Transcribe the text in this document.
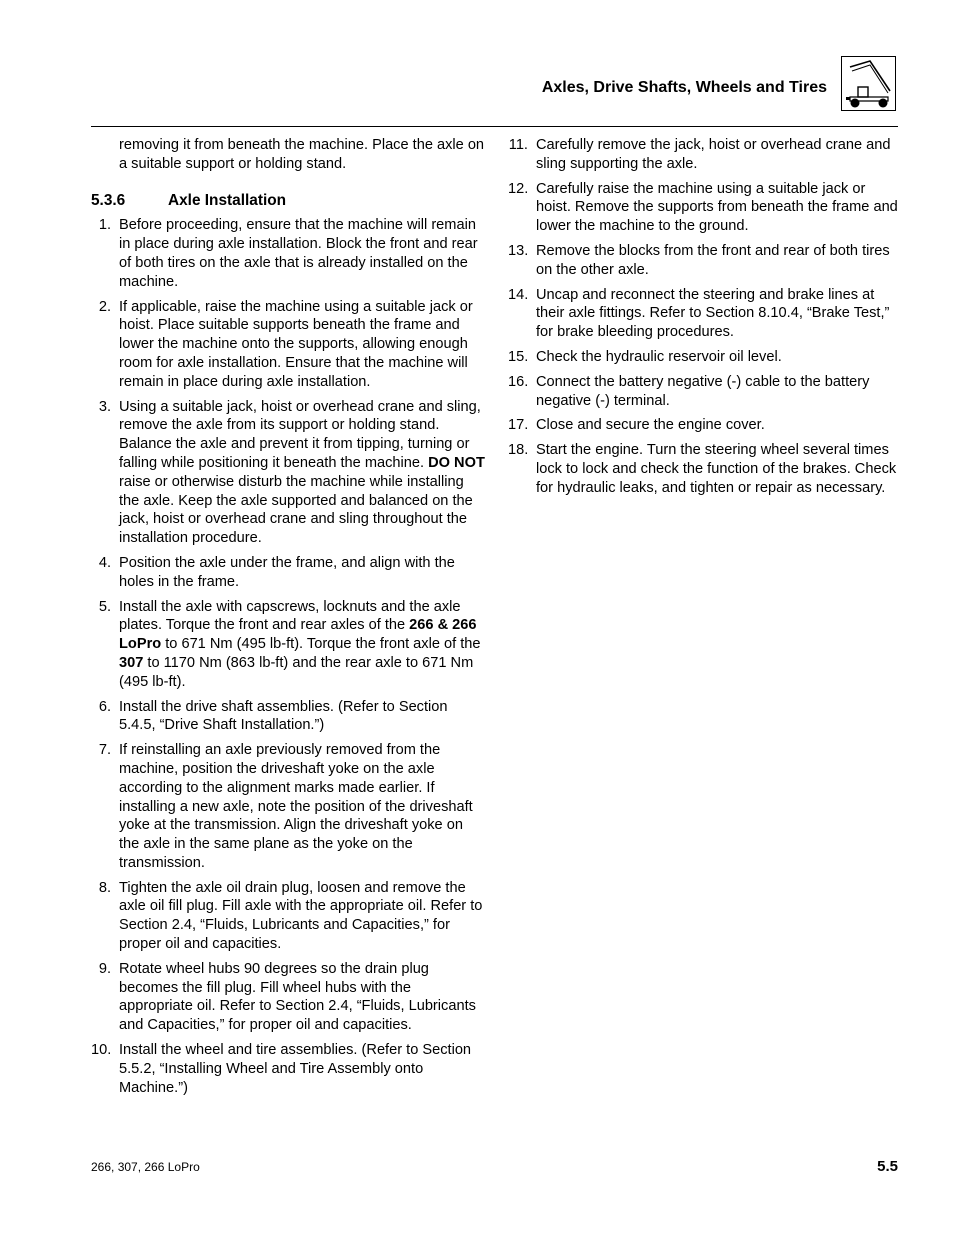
Axles, Drive Shafts, Wheels and Tires

removing it from beneath the machine. Place the axle on a suitable support or holding stand.

5.3.6	Axle Installation
1. Before proceeding, ensure that the machine will remain in place during axle installation. Block the front and rear of both tires on the axle that is already installed on the machine.
2. If applicable, raise the machine using a suitable jack or hoist. Place suitable supports beneath the frame and lower the machine onto the supports, allowing enough room for axle installation. Ensure that the machine will remain in place during axle installation.
3. Using a suitable jack, hoist or overhead crane and sling, remove the axle from its support or holding stand. Balance the axle and prevent it from tipping, turning or falling while positioning it beneath the machine. DO NOT raise or otherwise disturb the machine while installing the axle. Keep the axle supported and balanced on the jack, hoist or overhead crane and sling throughout the installation procedure.
4. Position the axle under the frame, and align with the holes in the frame.
5. Install the axle with capscrews, locknuts and the axle plates. Torque the front and rear axles of the 266 & 266 LoPro to 671 Nm (495 lb-ft). Torque the front axle of the 307 to 1170 Nm (863 lb-ft) and the rear axle to 671 Nm (495 lb-ft).
6. Install the drive shaft assemblies. (Refer to Section 5.4.5, “Drive Shaft Installation.”)
7. If reinstalling an axle previously removed from the machine, position the driveshaft yoke on the axle according to the alignment marks made earlier. If installing a new axle, note the position of the driveshaft yoke at the transmission. Align the driveshaft yoke on the axle in the same plane as the yoke on the transmission.
8. Tighten the axle oil drain plug, loosen and remove the axle oil fill plug. Fill axle with the appropriate oil. Refer to Section 2.4, “Fluids, Lubricants and Capacities,” for proper oil and capacities.
9. Rotate wheel hubs 90 degrees so the drain plug becomes the fill plug. Fill wheel hubs with the appropriate oil. Refer to Section 2.4, “Fluids, Lubricants and Capacities,” for proper oil and capacities.
10. Install the wheel and tire assemblies. (Refer to Section 5.5.2, “Installing Wheel and Tire Assembly onto Machine.”)
11. Carefully remove the jack, hoist or overhead crane and sling supporting the axle.
12. Carefully raise the machine using a suitable jack or hoist. Remove the supports from beneath the frame and lower the machine to the ground.
13. Remove the blocks from the front and rear of both tires on the other axle.
14. Uncap and reconnect the steering and brake lines at their axle fittings. Refer to Section 8.10.4, “Brake Test,” for brake bleeding procedures.
15. Check the hydraulic reservoir oil level.
16. Connect the battery negative (-) cable to the battery negative (-) terminal.
17. Close and secure the engine cover.
18. Start the engine. Turn the steering wheel several times lock to lock and check the function of the brakes. Check for hydraulic leaks, and tighten or repair as necessary.
266, 307, 266 LoPro	5.5
